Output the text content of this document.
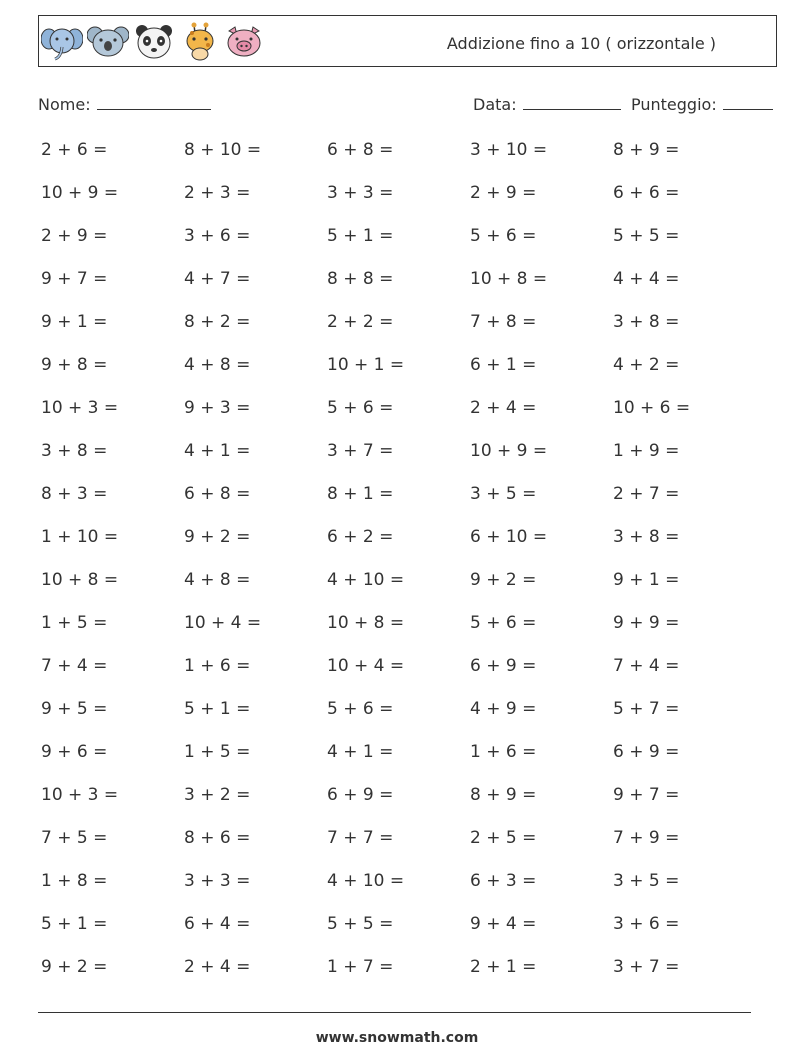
Addizione fino a 10 ( orizzontale )
Nome:	Data:	Punteggio:
2 + 6 =	8 + 10 =	6 + 8 =	3 + 10 =	8 + 9 =
10 + 9 =	2 + 3 =	3 + 3 =	2 + 9 =	6 + 6 =
2 + 9 =	3 + 6 =	5 + 1 =	5 + 6 =	5 + 5 =
9 + 7 =	4 + 7 =	8 + 8 =	10 + 8 =	4 + 4 =
9 + 1 =	8 + 2 =	2 + 2 =	7 + 8 =	3 + 8 =
9 + 8 =	4 + 8 =	10 + 1 =	6 + 1 =	4 + 2 =
10 + 3 =	9 + 3 =	5 + 6 =	2 + 4 =	10 + 6 =
3 + 8 =	4 + 1 =	3 + 7 =	10 + 9 =	1 + 9 =
8 + 3 =	6 + 8 =	8 + 1 =	3 + 5 =	2 + 7 =
1 + 10 =	9 + 2 =	6 + 2 =	6 + 10 =	3 + 8 =
10 + 8 =	4 + 8 =	4 + 10 =	9 + 2 =	9 + 1 =
1 + 5 =	10 + 4 =	10 + 8 =	5 + 6 =	9 + 9 =
7 + 4 =	1 + 6 =	10 + 4 =	6 + 9 =	7 + 4 =
9 + 5 =	5 + 1 =	5 + 6 =	4 + 9 =	5 + 7 =
9 + 6 =	1 + 5 =	4 + 1 =	1 + 6 =	6 + 9 =
10 + 3 =	3 + 2 =	6 + 9 =	8 + 9 =	9 + 7 =
7 + 5 =	8 + 6 =	7 + 7 =	2 + 5 =	7 + 9 =
1 + 8 =	3 + 3 =	4 + 10 =	6 + 3 =	3 + 5 =
5 + 1 =	6 + 4 =	5 + 5 =	9 + 4 =	3 + 6 =
9 + 2 =	2 + 4 =	1 + 7 =	2 + 1 =	3 + 7 =
www.snowmath.com
